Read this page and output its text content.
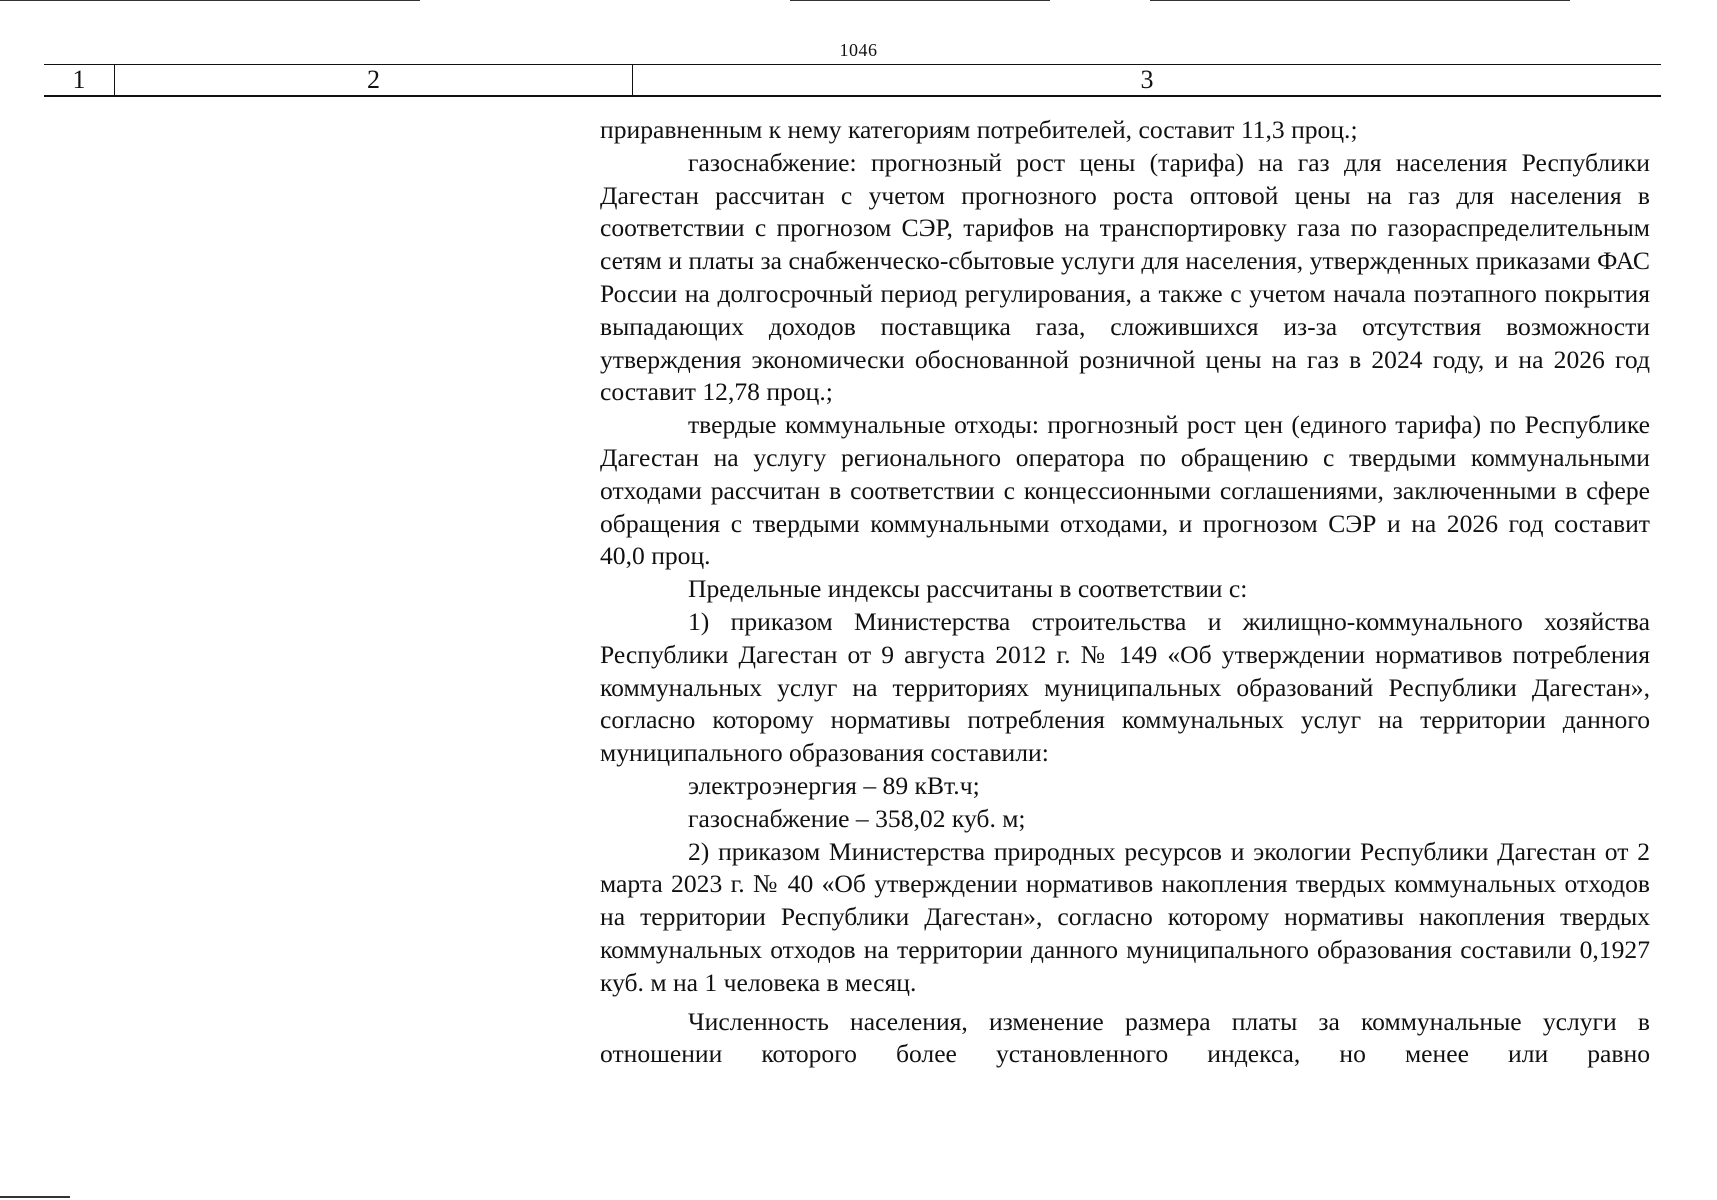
1046
1	2	3

приравненным к нему категориям потребителей, составит 11,3 проц.;

газоснабжение: прогнозный рост цены (тарифа) на газ для населения Республики Дагестан рассчитан с учетом прогнозного роста оптовой цены на газ для населения в соответствии с прогнозом СЭР, тарифов на транспортировку газа по газораспределительным сетям и платы за снабженческо-сбытовые услуги для населения, утвержденных приказами ФАС России на долгосрочный период регулирования, а также с учетом начала поэтапного покрытия выпадающих доходов поставщика газа, сложившихся из-за отсутствия возможности утверждения экономически обоснованной розничной цены на газ в 2024 году, и на 2026 год составит 12,78 проц.;

твердые коммунальные отходы: прогнозный рост цен (единого тарифа) по Республике Дагестан на услугу регионального оператора по обращению с твердыми коммунальными отходами рассчитан в соответствии с концессионными соглашениями, заключенными в сфере обращения с твердыми коммунальными отходами, и прогнозом СЭР и на 2026 год составит 40,0 проц.

Предельные индексы рассчитаны в соответствии с:

1) приказом Министерства строительства и жилищно-коммунального хозяйства Республики Дагестан от 9 августа 2012 г. № 149 «Об утверждении нормативов потребления коммунальных услуг на территориях муниципальных образований Республики Дагестан», согласно которому нормативы потребления коммунальных услуг на территории данного муниципального образования составили:

электроэнергия – 89 кВт.ч;

газоснабжение – 358,02 куб. м;

2) приказом Министерства природных ресурсов и экологии Республики Дагестан от 2 марта 2023 г. № 40 «Об утверждении нормативов накопления твердых коммунальных отходов на территории Республики Дагестан», согласно которому нормативы накопления твердых коммунальных отходов на территории данного муниципального образования составили 0,1927 куб. м на 1 человека в месяц.

Численность населения, изменение размера платы за коммунальные услуги в отношении которого более установленного индекса, но менее или равно
